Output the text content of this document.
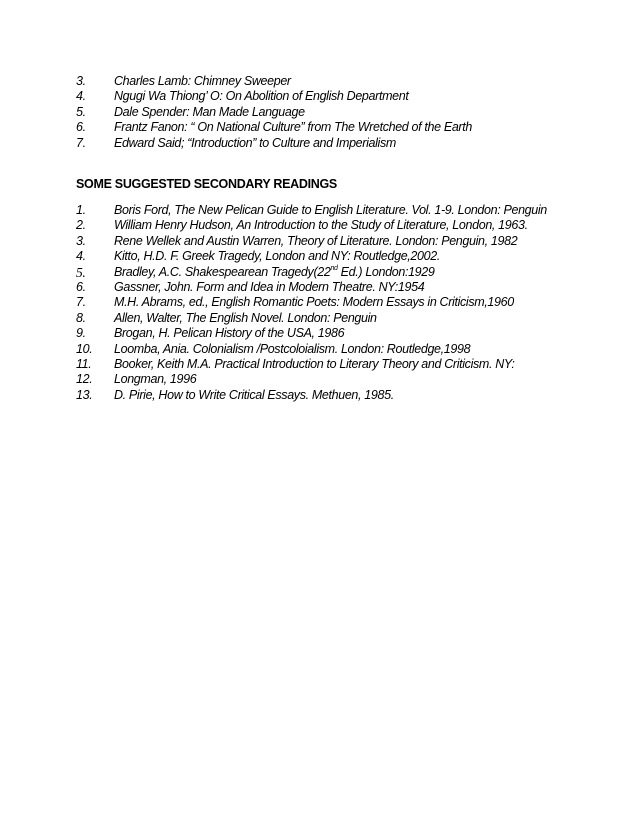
3.	Charles Lamb: Chimney Sweeper
4.	Ngugi Wa Thiong’ O: On Abolition of English Department
5.	Dale Spender: Man Made Language
6.	Frantz Fanon: “ On National Culture” from The Wretched of the Earth
7.	Edward Said; “Introduction” to Culture and Imperialism
SOME SUGGESTED SECONDARY READINGS
1.	Boris Ford, The New Pelican Guide to English Literature. Vol. 1-9. London: Penguin
2.	William Henry Hudson, An Introduction to the Study of Literature, London, 1963.
3.	Rene Wellek and Austin Warren, Theory of Literature. London: Penguin, 1982
4.	Kitto, H.D. F. Greek Tragedy, London and NY: Routledge,2002.
5.	Bradley, A.C. Shakespearean Tragedy(22nd Ed.) London:1929
6.	Gassner, John. Form and Idea in Modern Theatre. NY:1954
7.	M.H. Abrams, ed., English Romantic Poets: Modern Essays in Criticism,1960
8.	Allen, Walter, The English Novel. London: Penguin
9.	Brogan, H. Pelican History of the USA, 1986
10.	Loomba, Ania. Colonialism /Postcoloialism. London: Routledge,1998
11.	Booker, Keith M.A. Practical Introduction to Literary Theory and Criticism. NY:
12.	Longman, 1996
13.	D. Pirie, How to Write Critical Essays. Methuen, 1985.
